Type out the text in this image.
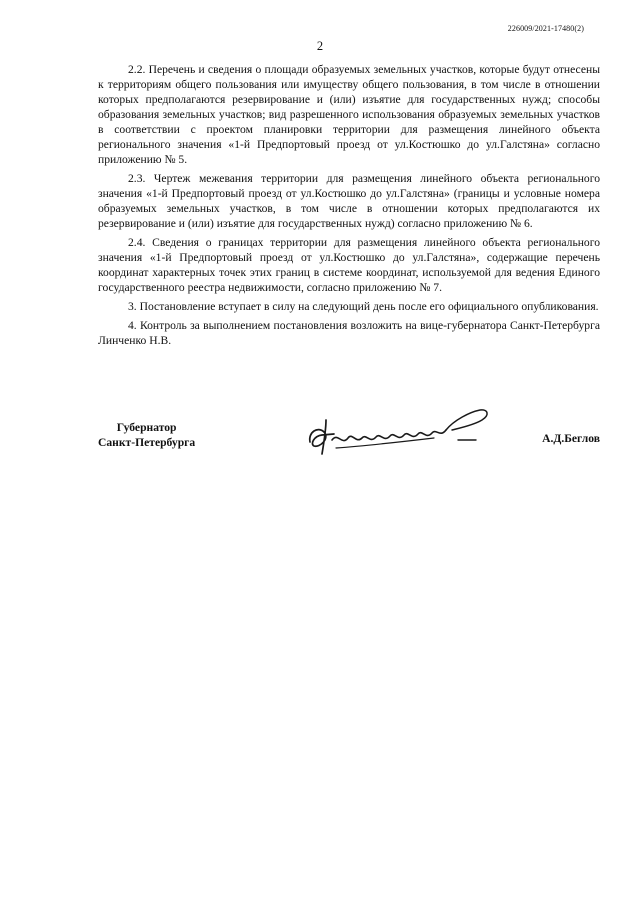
226009/2021-17480(2)
2

2.2. Перечень и сведения о площади образуемых земельных участков, которые будут отнесены к территориям общего пользования или имуществу общего пользования, в том числе в отношении которых предполагаются резервирование и (или) изъятие для государственных нужд; способы образования земельных участков; вид разрешенного использования образуемых земельных участков в соответствии с проектом планировки территории для размещения линейного объекта регионального значения «1-й Предпортовый проезд от ул.Костюшко до ул.Галстяна» согласно приложению № 5.

2.3. Чертеж межевания территории для размещения линейного объекта регионального значения «1-й Предпортовый проезд от ул.Костюшко до ул.Галстяна» (границы и условные номера образуемых земельных участков, в том числе в отношении которых предполагаются их резервирование и (или) изъятие для государственных нужд) согласно приложению № 6.

2.4. Сведения о границах территории для размещения линейного объекта регионального значения «1-й Предпортовый проезд от ул.Костюшко до ул.Галстяна», содержащие перечень координат характерных точек этих границ в системе координат, используемой для ведения Единого государственного реестра недвижимости, согласно приложению № 7.

3. Постановление вступает в силу на следующий день после его официального опубликования.

4. Контроль за выполнением постановления возложить на вице-губернатора Санкт-Петербурга Линченко Н.В.

Губернатор
Санкт-Петербурга	А.Д.Беглов
